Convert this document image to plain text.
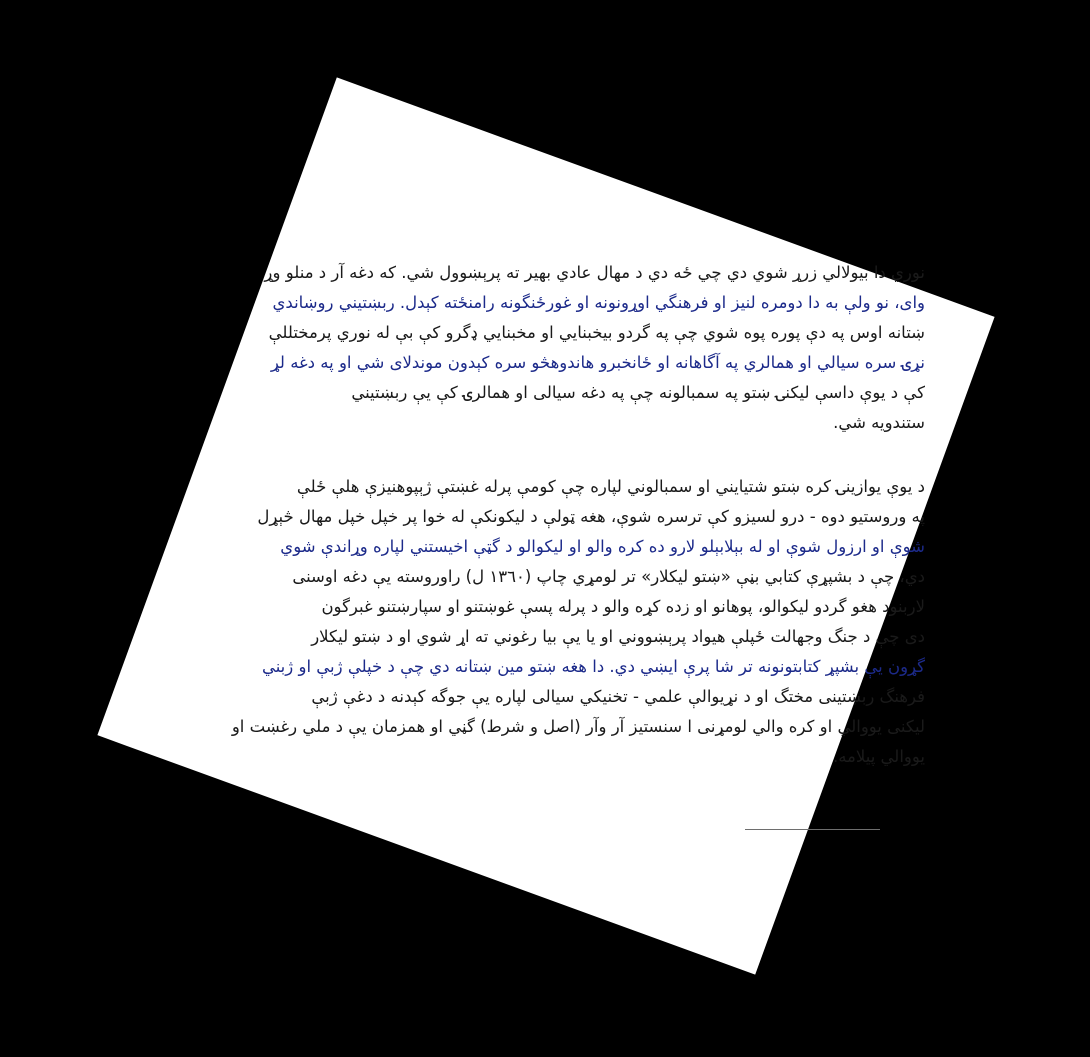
نوري دا بيولالي زرړ شوي دي چي ځه دي د مهال عادي بهير ته پرېښوول شي. كه دغه آر د منلو وړ
واى، نو ولې به دا دومره لنيز او فرهنگي اوړونونه او غورځنگونه رامنځته كېدل. ربښتيني روښاندي
ښتانه اوس په دې پوره پوه شوي چې په گردو بيخبنايي او مخبنايي ډگرو كې بې له نوري پرمختللې
نړۍ سره سيالي او همالري په آگاهانه او ځانخبرو هاندوهڅو سره كېدون موندلاى شي او په دغه لړ
كې د يوې داسې ليكنۍ ښتو په سمبالونه چې په دغه سيالى او همالرۍ كې يې ربښتيني
ستندويه شي.
د يوې يوازينۍ كره ښتو شتيايني او سمبالوني لپاره چې كومې پرله غښتې ژېپوهنيزې هلې ځلې
په وروستيو دوه - درو لسيزو كې ترسره شوې، هغه ټولې د ليكونكې له خوا پر خپل خپل مهال څېړل
شوې او ارزول شوې او له بېلابېلو لارو ده كره والو او ليكوالو د گټې اخيستني لپاره وړاندې شوي
دي، چې د بشپړې كتابي بڼې «ښتو ليكلار» تر لومړي چاپ (١٣٦٠ ل) راوروسته يې دغه اوسنى
لاربنود هغو گردو ليكوالو، پوهانو او زده كړه والو د پرله پسې غوښتنو او سپارښتنو غبرگون
دى چې د جنگ وجهالت ځپلې هيواد پرېښووني او يا يې بيا رغوني ته اړ شوي او د ښتو ليكلار
گړون يې بشپړ كتابتونونه تر شا پرې ايښي دي. دا هغه ښتو مين ښتانه دي چې د خپلې ژبې او ژبني
فرهنگ ربښتينى مختگ او د نړيوالې علمي - تخنيكي سيالى لپاره يې جوگه كېدنه د دغې ژبې
ليكنى يووالي او كره والي لومړنى ا سنستيز آر وآر (اصل و شرط) گڼي او همزمان يې د ملي رغښت او
يووالي پيلامه.
